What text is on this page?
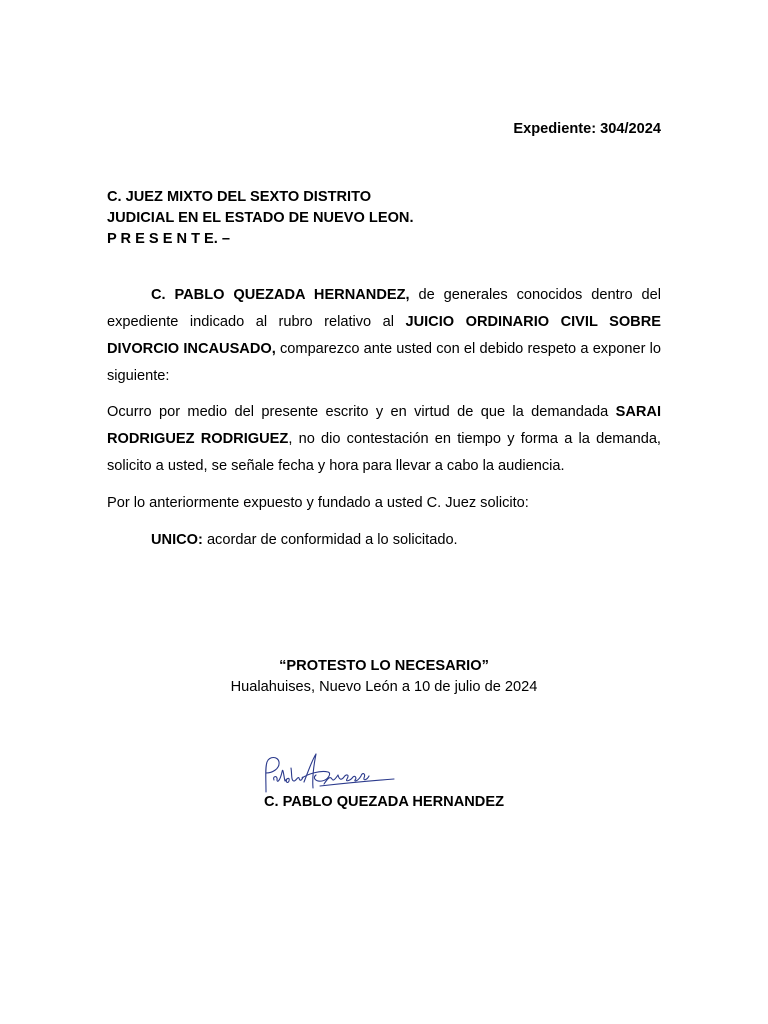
Expediente: 304/2024
C. JUEZ MIXTO DEL SEXTO DISTRITO
JUDICIAL EN EL ESTADO DE NUEVO LEON.
P R E S E N T E. –
C. PABLO QUEZADA HERNANDEZ, de generales conocidos dentro del expediente indicado al rubro relativo al JUICIO ORDINARIO CIVIL SOBRE DIVORCIO INCAUSADO, comparezco ante usted con el debido respeto a exponer lo siguiente:
Ocurro por medio del presente escrito y en virtud de que la demandada SARAI RODRIGUEZ RODRIGUEZ, no dio contestación en tiempo y forma a la demanda, solicito a usted, se señale fecha y hora para llevar a cabo la audiencia.
Por lo anteriormente expuesto y fundado a usted C. Juez solicito:
UNICO: acordar de conformidad a lo solicitado.
“PROTESTO LO NECESARIO”
Hualahuises, Nuevo León a 10 de julio de 2024
C. PABLO QUEZADA HERNANDEZ
